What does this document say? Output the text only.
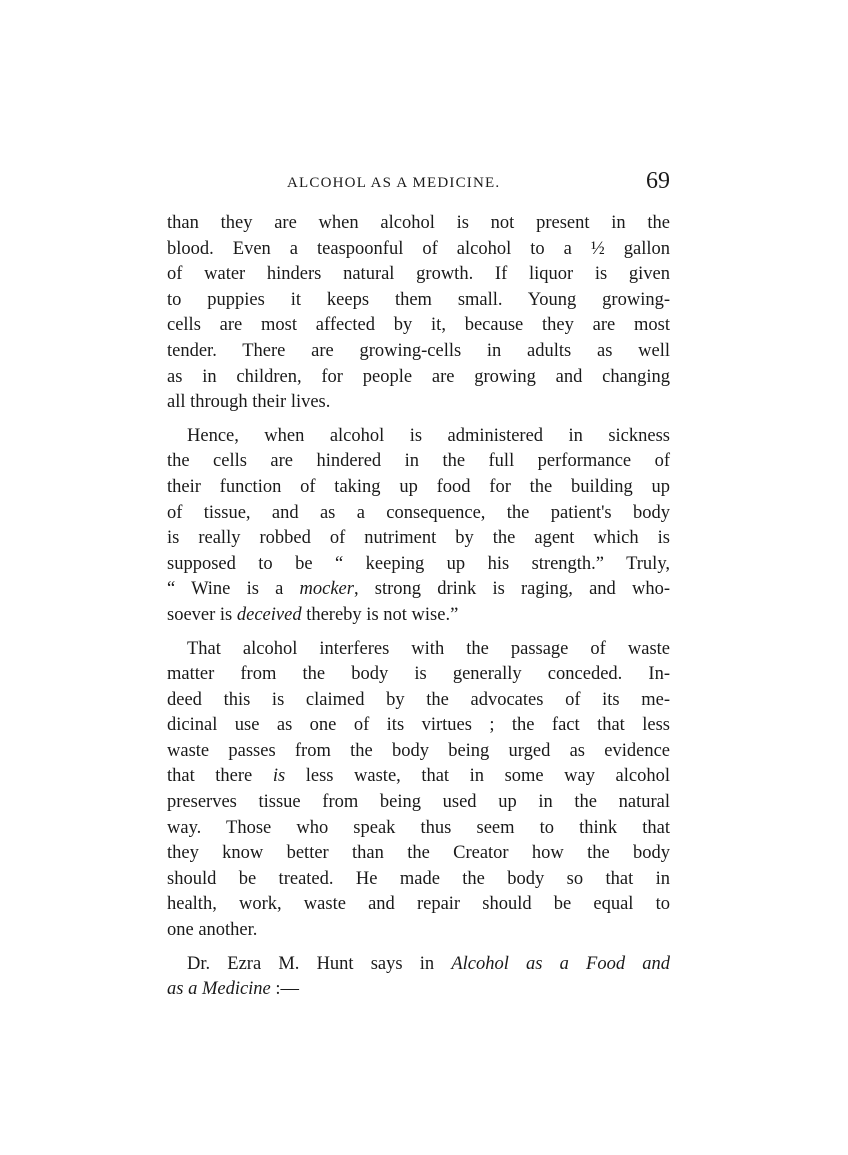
ALCOHOL AS A MEDICINE.	69
than they are when alcohol is not present in the
blood. Even a teaspoonful of alcohol to a ½ gallon
of water hinders natural growth. If liquor is given
to puppies it keeps them small. Young growing-
cells are most affected by it, because they are most
tender. There are growing-cells in adults as well
as in children, for people are growing and changing
all through their lives.
Hence, when alcohol is administered in sickness
the cells are hindered in the full performance of
their function of taking up food for the building up
of tissue, and as a consequence, the patient's body
is really robbed of nutriment by the agent which is
supposed to be “ keeping up his strength.” Truly,
“ Wine is a mocker, strong drink is raging, and who-
soever is deceived thereby is not wise.”
That alcohol interferes with the passage of waste
matter from the body is generally conceded. In-
deed this is claimed by the advocates of its me-
dicinal use as one of its virtues ; the fact that less
waste passes from the body being urged as evidence
that there is less waste, that in some way alcohol
preserves tissue from being used up in the natural
way. Those who speak thus seem to think that
they know better than the Creator how the body
should be treated. He made the body so that in
health, work, waste and repair should be equal to
one another.
Dr. Ezra M. Hunt says in Alcohol as a Food and
as a Medicine :—
